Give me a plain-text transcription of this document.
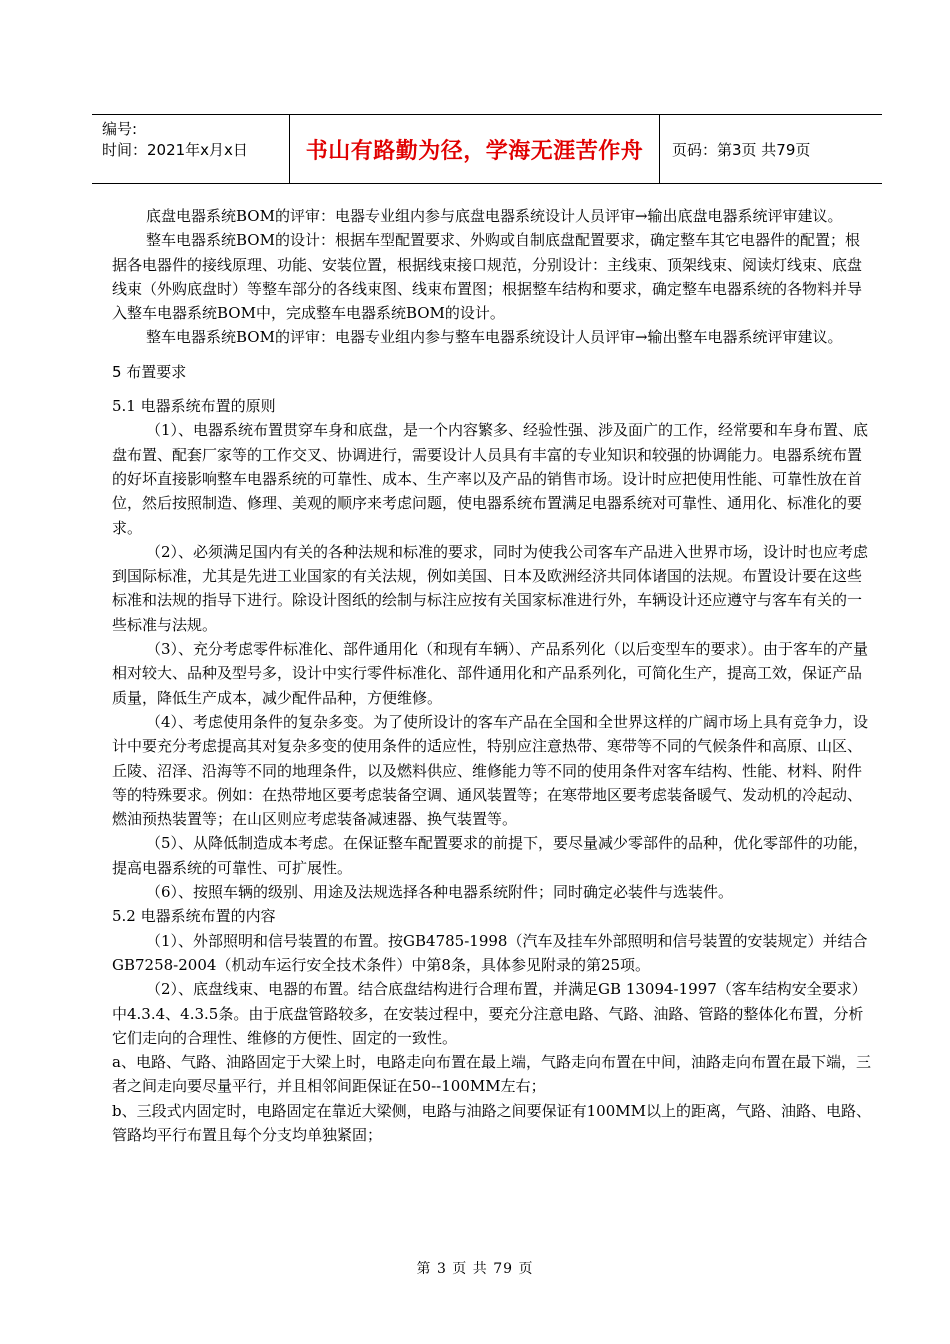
编号:
时间：2021年x月x日	书山有路勤为径，学海无涯苦作舟	页码：第3页 共79页

底盘电器系统BOM的评审：电器专业组内参与底盘电器系统设计人员评审→输出底盘电器系统评审建议。

整车电器系统BOM的设计：根据车型配置要求、外购或自制底盘配置要求，确定整车其它电器件的配置；根据各电器件的接线原理、功能、安装位置，根据线束接口规范，分别设计：主线束、顶架线束、阅读灯线束、底盘线束（外购底盘时）等整车部分的各线束图、线束布置图；根据整车结构和要求，确定整车电器系统的各物料并导入整车电器系统BOM中，完成整车电器系统BOM的设计。

整车电器系统BOM的评审：电器专业组内参与整车电器系统设计人员评审→输出整车电器系统评审建议。

5 布置要求

5.1 电器系统布置的原则

（1）、电器系统布置贯穿车身和底盘，是一个内容繁多、经验性强、涉及面广的工作，经常要和车身布置、底盘布置、配套厂家等的工作交叉、协调进行，需要设计人员具有丰富的专业知识和较强的协调能力。电器系统布置的好坏直接影响整车电器系统的可靠性、成本、生产率以及产品的销售市场。设计时应把使用性能、可靠性放在首位，然后按照制造、修理、美观的顺序来考虑问题，使电器系统布置满足电器系统对可靠性、通用化、标准化的要求。

（2）、必须满足国内有关的各种法规和标准的要求，同时为使我公司客车产品进入世界市场，设计时也应考虑到国际标准，尤其是先进工业国家的有关法规，例如美国、日本及欧洲经济共同体诸国的法规。布置设计要在这些标准和法规的指导下进行。除设计图纸的绘制与标注应按有关国家标准进行外，车辆设计还应遵守与客车有关的一些标准与法规。

（3）、充分考虑零件标准化、部件通用化（和现有车辆）、产品系列化（以后变型车的要求）。由于客车的产量相对较大、品种及型号多，设计中实行零件标准化、部件通用化和产品系列化，可简化生产，提高工效，保证产品质量，降低生产成本，减少配件品种，方便维修。

（4）、考虑使用条件的复杂多变。为了使所设计的客车产品在全国和全世界这样的广阔市场上具有竞争力，设计中要充分考虑提高其对复杂多变的使用条件的适应性，特别应注意热带、寒带等不同的气候条件和高原、山区、丘陵、沼泽、沿海等不同的地理条件，以及燃料供应、维修能力等不同的使用条件对客车结构、性能、材料、附件等的特殊要求。例如：在热带地区要考虑装备空调、通风装置等；在寒带地区要考虑装备暖气、发动机的冷起动、燃油预热装置等；在山区则应考虑装备减速器、换气装置等。

（5）、从降低制造成本考虑。在保证整车配置要求的前提下，要尽量减少零部件的品种，优化零部件的功能，提高电器系统的可靠性、可扩展性。

（6）、按照车辆的级别、用途及法规选择各种电器系统附件；同时确定必装件与选装件。

5.2 电器系统布置的内容

（1）、外部照明和信号装置的布置。按GB4785-1998（汽车及挂车外部照明和信号装置的安装规定）并结合GB7258-2004（机动车运行安全技术条件）中第8条，具体参见附录的第25项。

（2）、底盘线束、电器的布置。结合底盘结构进行合理布置，并满足GB 13094-1997（客车结构安全要求）中4.3.4、4.3.5条。由于底盘管路较多，在安装过程中，要充分注意电路、气路、油路、管路的整体化布置，分析它们走向的合理性、维修的方便性、固定的一致性。

a、电路、气路、油路固定于大梁上时，电路走向布置在最上端，气路走向布置在中间，油路走向布置在最下端，三者之间走向要尽量平行，并且相邻间距保证在50--100MM左右；

b、三段式内固定时，电路固定在靠近大梁侧，电路与油路之间要保证有100MM以上的距离，气路、油路、电路、管路均平行布置且每个分支均单独紧固；

第 3 页 共 79 页
